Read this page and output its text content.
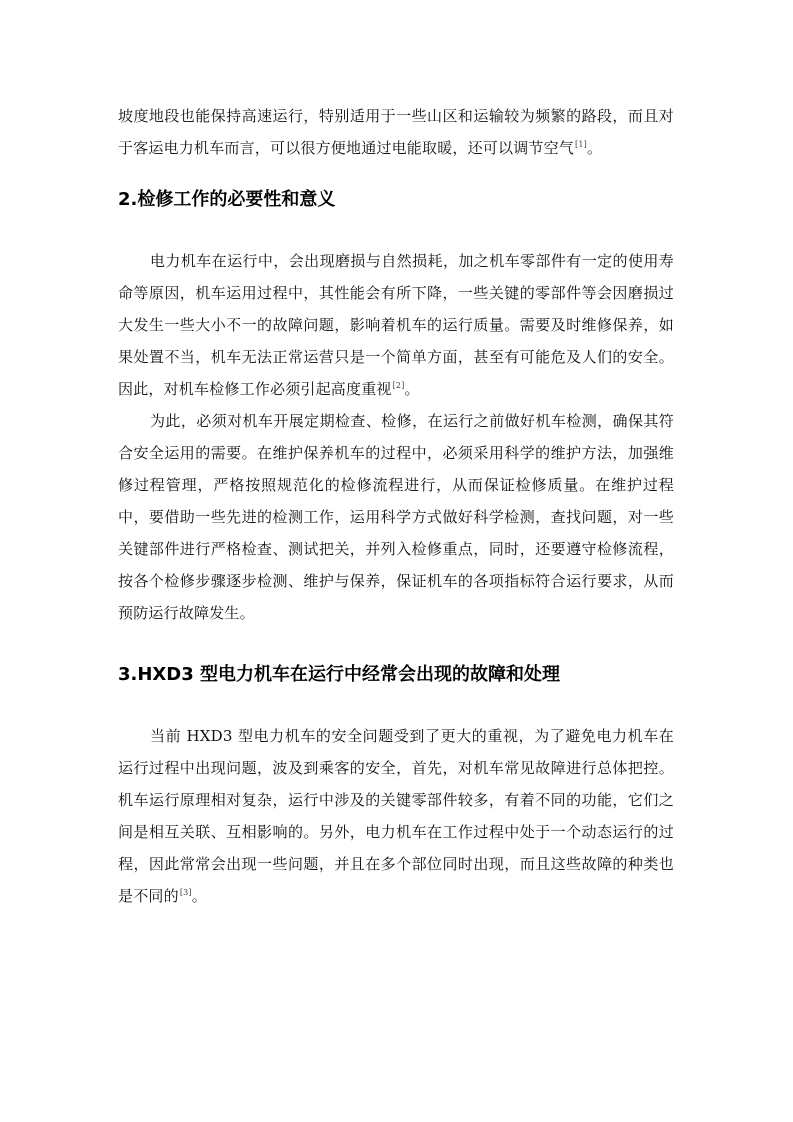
坡度地段也能保持高速运行，特别适用于一些山区和运输较为频繁的路段，而且对于客运电力机车而言，可以很方便地通过电能取暖，还可以调节空气[1]。

2.检修工作的必要性和意义

电力机车在运行中，会出现磨损与自然损耗，加之机车零部件有一定的使用寿命等原因，机车运用过程中，其性能会有所下降，一些关键的零部件等会因磨损过大发生一些大小不一的故障问题，影响着机车的运行质量。需要及时维修保养，如果处置不当，机车无法正常运营只是一个简单方面，甚至有可能危及人们的安全。因此，对机车检修工作必须引起高度重视[2]。

为此，必须对机车开展定期检查、检修，在运行之前做好机车检测，确保其符合安全运用的需要。在维护保养机车的过程中，必须采用科学的维护方法，加强维修过程管理，严格按照规范化的检修流程进行，从而保证检修质量。在维护过程中，要借助一些先进的检测工作，运用科学方式做好科学检测，查找问题，对一些关键部件进行严格检查、测试把关，并列入检修重点，同时，还要遵守检修流程，按各个检修步骤逐步检测、维护与保养，保证机车的各项指标符合运行要求，从而预防运行故障发生。

3.HXD3 型电力机车在运行中经常会出现的故障和处理

当前 HXD3 型电力机车的安全问题受到了更大的重视，为了避免电力机车在运行过程中出现问题，波及到乘客的安全，首先，对机车常见故障进行总体把控。机车运行原理相对复杂，运行中涉及的关键零部件较多，有着不同的功能，它们之间是相互关联、互相影响的。另外，电力机车在工作过程中处于一个动态运行的过程，因此常常会出现一些问题，并且在多个部位同时出现，而且这些故障的种类也是不同的[3]。
